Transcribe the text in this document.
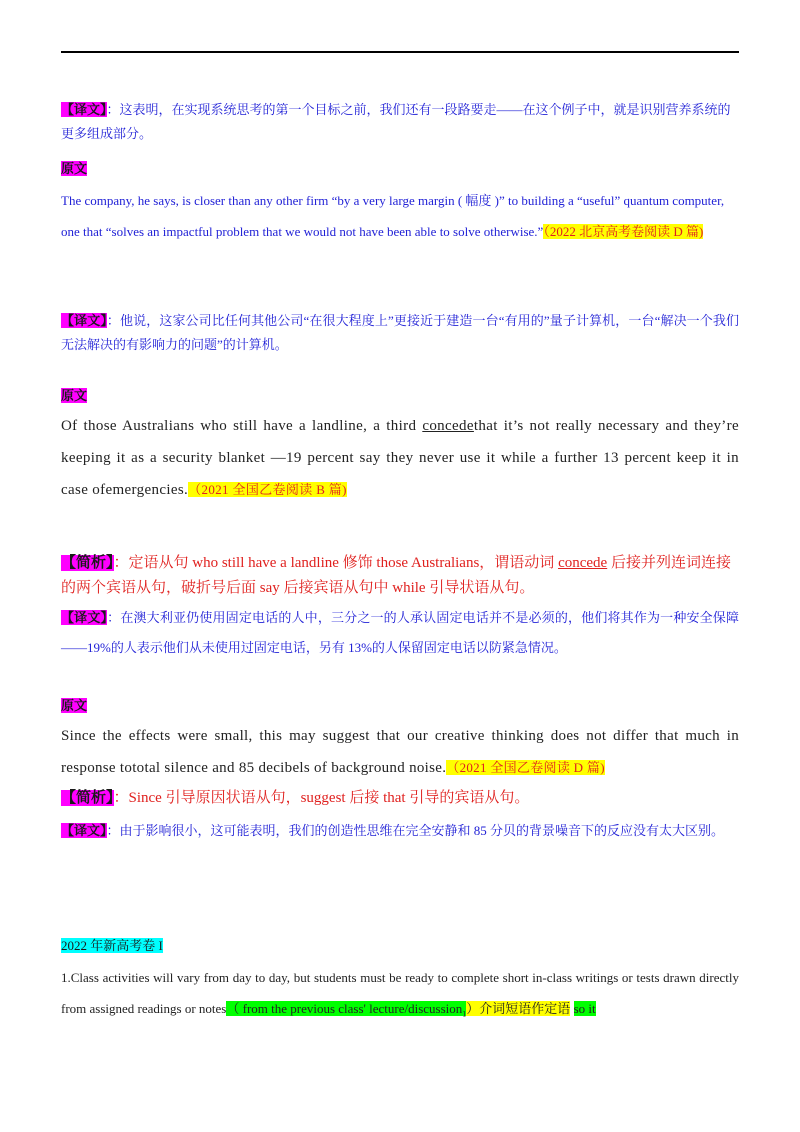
【译文】：这表明，在实现系统思考的第一个目标之前，我们还有一段路要走——在这个例子中，就是识别营养系统的更多组成部分。

原文

The company, he says, is closer than any other firm “by a very large margin ( 幅度 )” to building a “useful” quantum computer, one that “solves an impactful problem that we would not have been able to solve otherwise.”（2022 北京高考卷阅读 D 篇)

【译文】：他说，这家公司比任何其他公司“在很大程度上”更接近于建造一台“有用的”量子计算机，一台“解决一个我们无法解决的有影响力的问题”的计算机。

原文

Of those Australians who still have a landline, a third concedethat it’s not really necessary and they’re keeping it as a security blanket —19 percent say they never use it while a further 13 percent keep it in case ofemergencies.（2021 全国乙卷阅读 B 篇)

【简析】：定语从句 who still have a landline 修饰 those Australians，谓语动词 concede 后接并列连词连接的两个宾语从句，破折号后面 say 后接宾语从句中 while 引导状语从句。

【译文】：在澳大利亚仍使用固定电话的人中，三分之一的人承认固定电话并不是必须的，他们将其作为一种安全保障——19%的人表示他们从未使用过固定电话，另有 13%的人保留固定电话以防紧急情况。

原文

Since the effects were small, this may suggest that our creative thinking does not differ that much in response tototal silence and 85 decibels of background noise.（2021 全国乙卷阅读 D 篇)

【简析】：Since 引导原因状语从句，suggest 后接 that 引导的宾语从句。

【译文】：由于影响很小，这可能表明，我们的创造性思维在完全安静和 85 分贝的背景噪音下的反应没有太大区别。

2022 年新高考卷 I

1.Class activities will vary from day to day, but students must be ready to complete short in-class writings or tests drawn directly from assigned readings or notes（ from the previous class' lecture/discussion$_1$）介词短语作定语 so it
